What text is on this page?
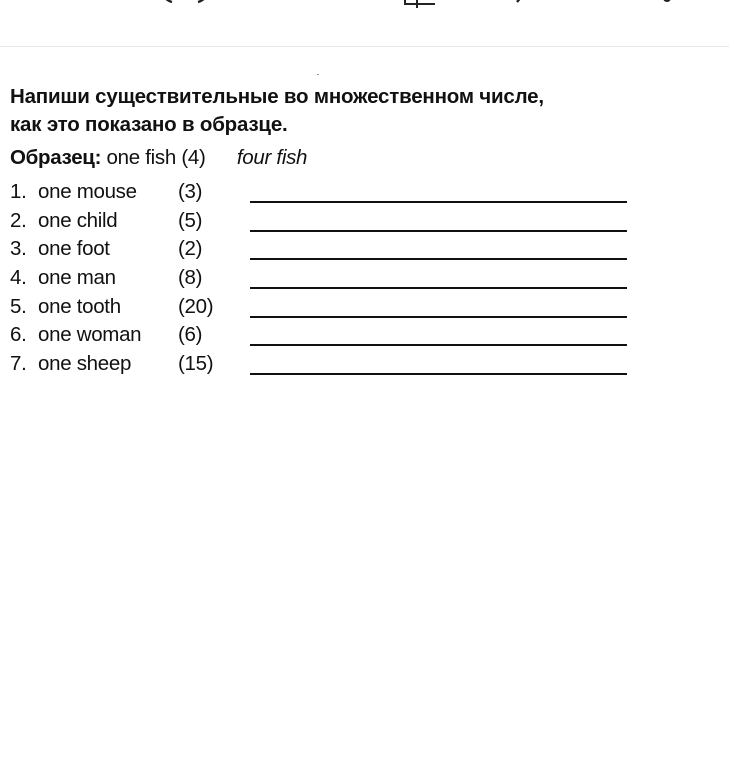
Напиши существительные во множественном числе,
как это показано в образце.

Образец: one fish (4) four fish
1. one mouse (3)
2. one child	(5)
3. one foot	(2)
4. one man	(8)
5. one tooth	(20)
6. one woman (6)
7. one sheep (15)
